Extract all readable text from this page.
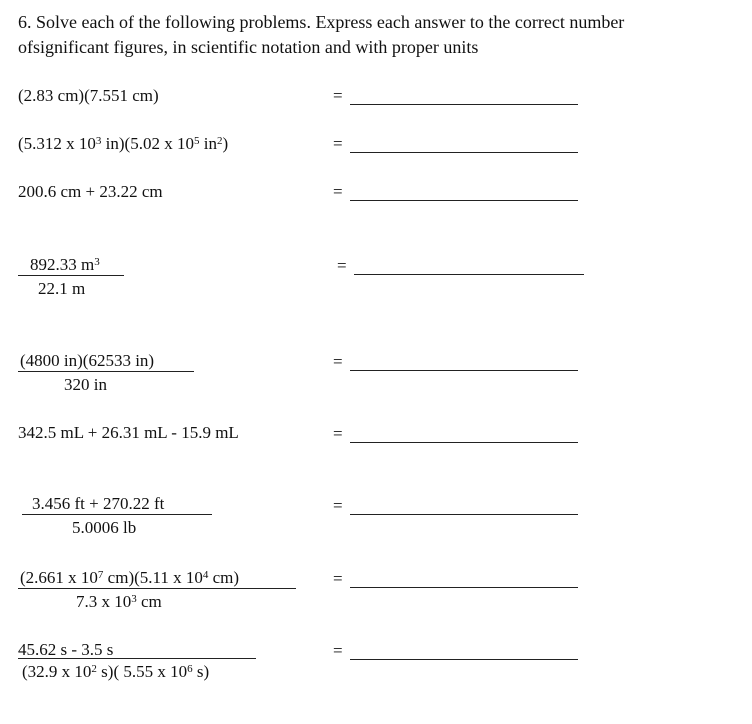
6. Solve each of the following problems. Express each answer to the correct number
ofsignificant figures, in scientific notation and with proper units
(2.83 cm)(7.551 cm)	=
(5.312 x $10^3$ in)(5.02 x $10^5$ $in^2$)	=
200.6 cm + 23.22 cm	=
892.33 $m^3$
22.1 m
=
(4800 in)(62533 in)
320 in
=
342.5 mL + 26.31 mL - 15.9 mL	=
3.456 ft + 270.22 ft
5.0006 lb
=
(2.661 x $10^7$ cm)(5.11 x $10^4$ cm)
7.3 x $10^3$ cm
=
45.62 s - 3.5 s
(32.9 x $10^2$ s)( 5.55 x $10^6$ s)
=
